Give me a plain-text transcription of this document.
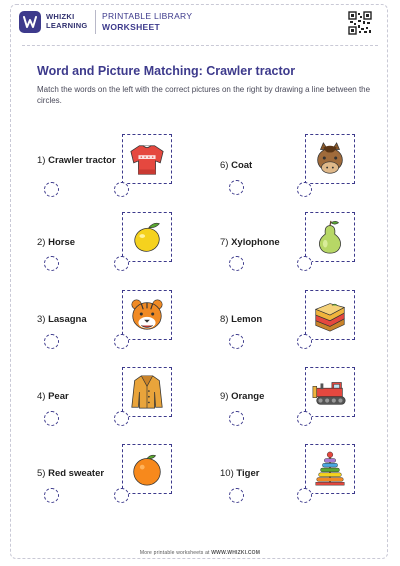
WHIZKI
LEARNING
PRINTABLE LIBRARY
WORKSHEET
Word and Picture Matching: Crawler tractor
Match the words on the left with the correct pictures on the right by drawing a line between the circles.
1) Crawler tractor
2) Horse
3) Lasagna
4) Pear
5) Red sweater
6) Coat
7) Xylophone
8) Lemon
9) Orange
10) Tiger
More printable worksheets at WWW.WHIZKI.COM
